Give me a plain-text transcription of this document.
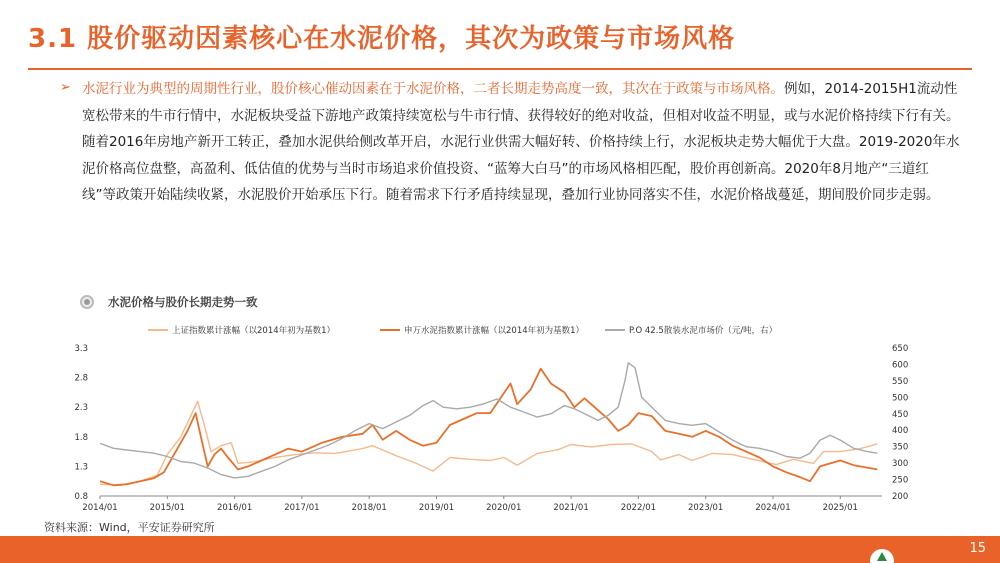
3.1 股价驱动因素核心在水泥价格，其次为政策与市场风格
➢ 水泥行业为典型的周期性行业，股价核心催动因素在于水泥价格，二者长期走势高度一致，其次在于政策与市场风格。例如，2014-2015H1流动性宽松带来的牛市行情中，水泥板块受益下游地产政策持续宽松与牛市行情、获得较好的绝对收益，但相对收益不明显，或与水泥价格持续下行有关。随着2016年房地产新开工转正，叠加水泥供给侧改革开启，水泥行业供需大幅好转、价格持续上行，水泥板块走势大幅优于大盘。2019-2020年水泥价格高位盘整，高盈利、低估值的优势与当时市场追求价值投资、“蓝筹大白马”的市场风格相匹配，股价再创新高。2020年8月地产“三道红线”等政策开始陆续收紧，水泥股价开始承压下行。随着需求下行矛盾持续显现，叠加行业协同落实不佳，水泥价格战蔓延，期间股价同步走弱。
水泥价格与股价长期走势一致
2014/01	2015/01	2016/01	2017/01	2018/01	2019/01	2020/01	2021/01	2022/01	2023/01	2024/01	2025/01
0.8
1.3
1.8
2.3
2.8
3.3
200
250
300
350
400
450
500
550
600
650
上证指数累计涨幅（以2014年初为基数1）	申万水泥指数累计涨幅（以2014年初为基数1）	P.O 42.5散装水泥市场价（元/吨，右）
资料来源：Wind，平安证券研究所
15
